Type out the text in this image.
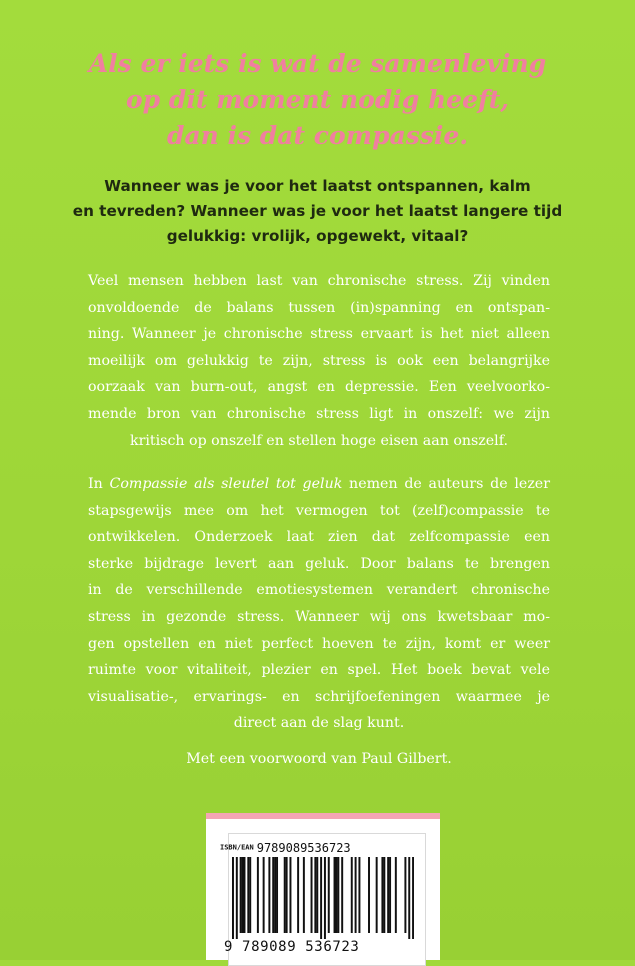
Als er iets is wat de samenleving
op dit moment nodig heeft,
dan is dat compassie.
Wanneer was je voor het laatst ontspannen, kalm
en tevreden? Wanneer was je voor het laatst langere tijd
gelukkig: vrolijk, opgewekt, vitaal?
Veel mensen hebben last van chronische stress. Zij vinden
onvoldoende de balans tussen (in)spanning en ontspan-
ning. Wanneer je chronische stress ervaart is het niet alleen
moeilijk om gelukkig te zijn, stress is ook een belangrijke
oorzaak van burn-out, angst en depressie. Een veelvoorko-
mende bron van chronische stress ligt in onszelf: we zijn
kritisch op onszelf en stellen hoge eisen aan onszelf.
In Compassie als sleutel tot geluk nemen de auteurs de lezer
stapsgewijs mee om het vermogen tot (zelf)compassie te
ontwikkelen. Onderzoek laat zien dat zelfcompassie een
sterke bijdrage levert aan geluk. Door balans te brengen
in de verschillende emotiesystemen verandert chronische
stress in gezonde stress. Wanneer wij ons kwetsbaar mo-
gen opstellen en niet perfect hoeven te zijn, komt er weer
ruimte voor vitaliteit, plezier en spel. Het boek bevat vele
visualisatie-, ervarings- en schrijfoefeningen waarmee je
direct aan de slag kunt.
Met een voorwoord van Paul Gilbert.
ISBN/EAN 9789089536723
9 789089 536723
